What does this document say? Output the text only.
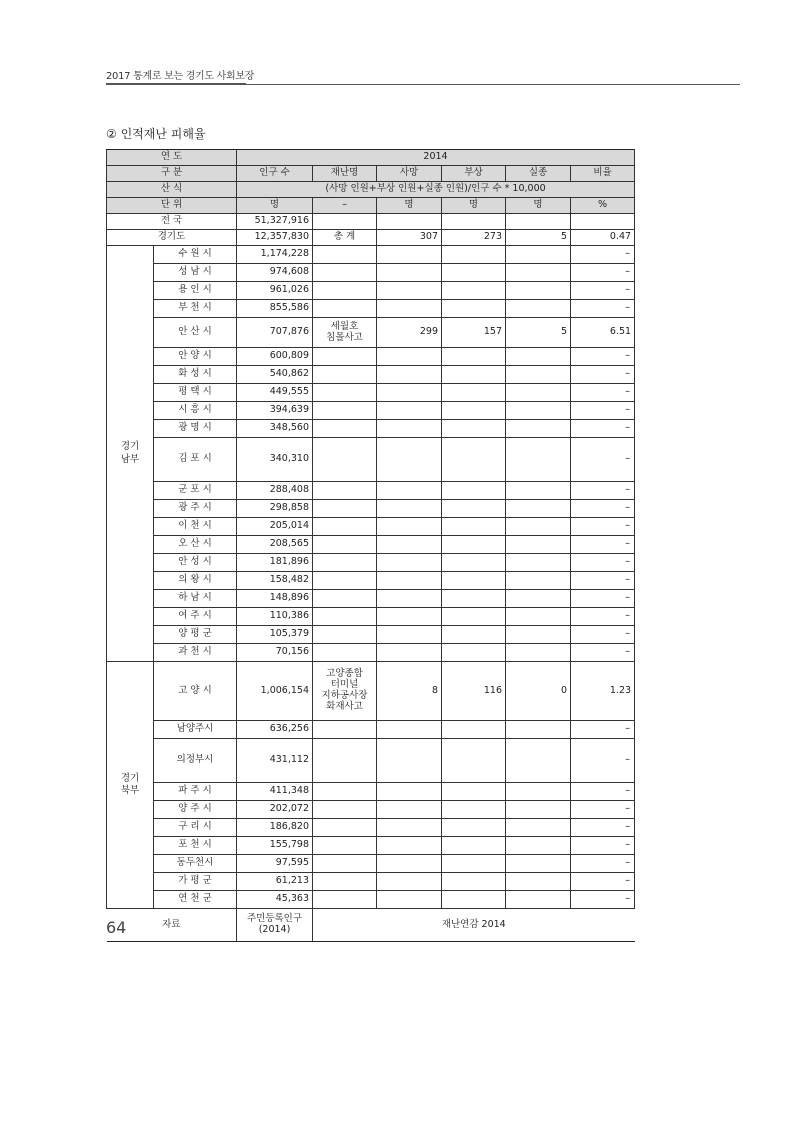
2017 통계로 보는 경기도 사회보장
② 인적재난 피해율
연 도		2014					
구 분		인구 수	재난명	사망	부상	실종	비율
산 식		(사망 인원+부상 인원+실종 인원)/인구 수 * 10,000					
단 위		명	–	명	명	명	%
전 국		51,327,916					
경기도		12,357,830	총 계	307	273	5	0.47
경기
남부	수 원 시	1,174,228					–
	성 남 시	974,608					–
	용 인 시	961,026					–
	부 천 시	855,586					–
	안 산 시	707,876	세월호
침몰사고	299	157	5	6.51
	안 양 시	600,809					–
	화 성 시	540,862					–
	평 택 시	449,555					–
	시 흥 시	394,639					–
	광 명 시	348,560					–
	김 포 시	340,310					–
	군 포 시	288,408					–
	광 주 시	298,858					–
	이 천 시	205,014					–
	오 산 시	208,565					–
	안 성 시	181,896					–
	의 왕 시	158,482					–
	하 남 시	148,896					–
	여 주 시	110,386					–
	양 평 군	105,379					–
	과 천 시	70,156					–
경기
북부	고 양 시	1,006,154	고양종합
터미널
지하공사장
화재사고	8	116	0	1.23
	남양주시	636,256					–
	의정부시	431,112					–
	파 주 시	411,348					–
	양 주 시	202,072					–
	구 리 시	186,820					–
	포 천 시	155,798					–
	동두천시	97,595					–
	가 평 군	61,213					–
	연 천 군	45,363					–
자료		주민등록인구
(2014)	재난연감 2014				
64
